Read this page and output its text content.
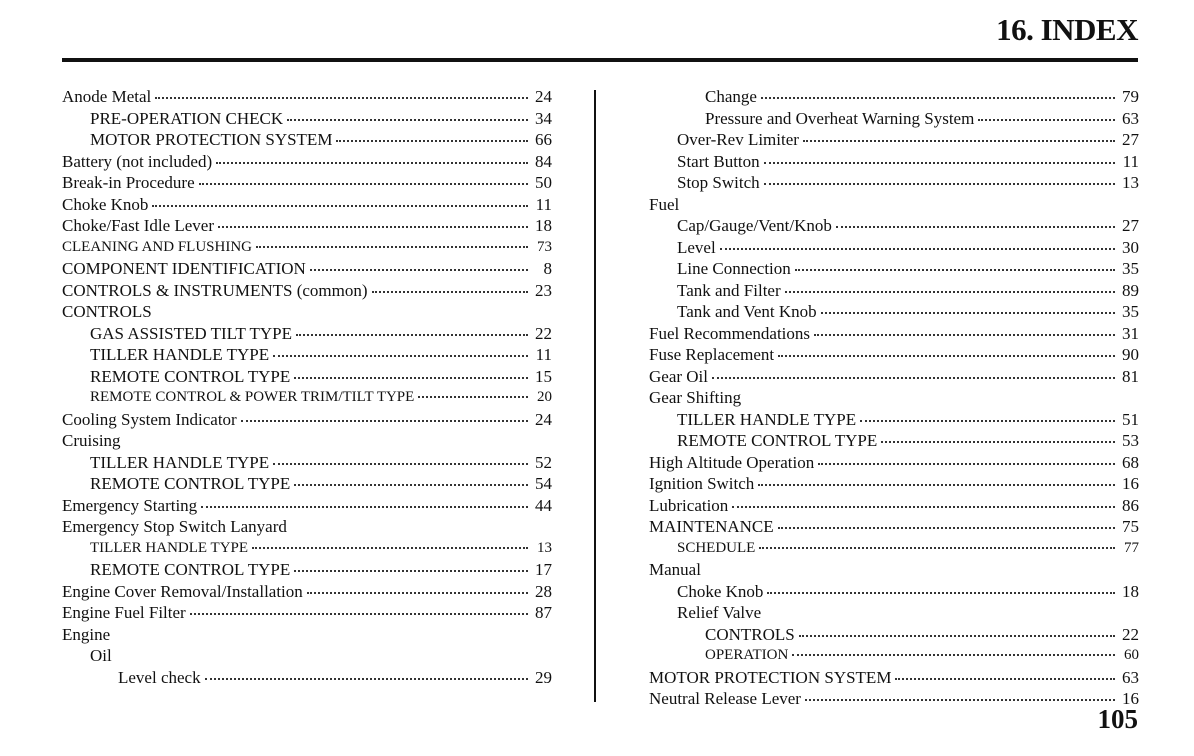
16. INDEX
Anode Metal	24
PRE-OPERATION CHECK	34
MOTOR PROTECTION SYSTEM	66
Battery (not included)	84
Break-in Procedure	50
Choke Knob	11
Choke/Fast Idle Lever	18
CLEANING AND FLUSHING	73
COMPONENT IDENTIFICATION	8
CONTROLS & INSTRUMENTS (common)	23
CONTROLS
GAS ASSISTED TILT TYPE	22
TILLER HANDLE TYPE	11
REMOTE CONTROL TYPE	15
REMOTE CONTROL & POWER TRIM/TILT TYPE	20
Cooling System Indicator	24
Cruising
TILLER HANDLE TYPE	52
REMOTE CONTROL TYPE	54
Emergency Starting	44
Emergency Stop Switch Lanyard
TILLER HANDLE TYPE	13
REMOTE CONTROL TYPE	17
Engine Cover Removal/Installation	28
Engine Fuel Filter	87
Engine
Oil
Level check	29
Change	79
Pressure and Overheat Warning System	63
Over-Rev Limiter	27
Start Button	11
Stop Switch	13
Fuel
Cap/Gauge/Vent/Knob	27
Level	30
Line Connection	35
Tank and Filter	89
Tank and Vent Knob	35
Fuel Recommendations	31
Fuse Replacement	90
Gear Oil	81
Gear Shifting
TILLER HANDLE TYPE	51
REMOTE CONTROL TYPE	53
High Altitude Operation	68
Ignition Switch	16
Lubrication	86
MAINTENANCE	75
SCHEDULE	77
Manual
Choke Knob	18
Relief Valve
CONTROLS	22
OPERATION	60
MOTOR PROTECTION SYSTEM	63
Neutral Release Lever	16
105
